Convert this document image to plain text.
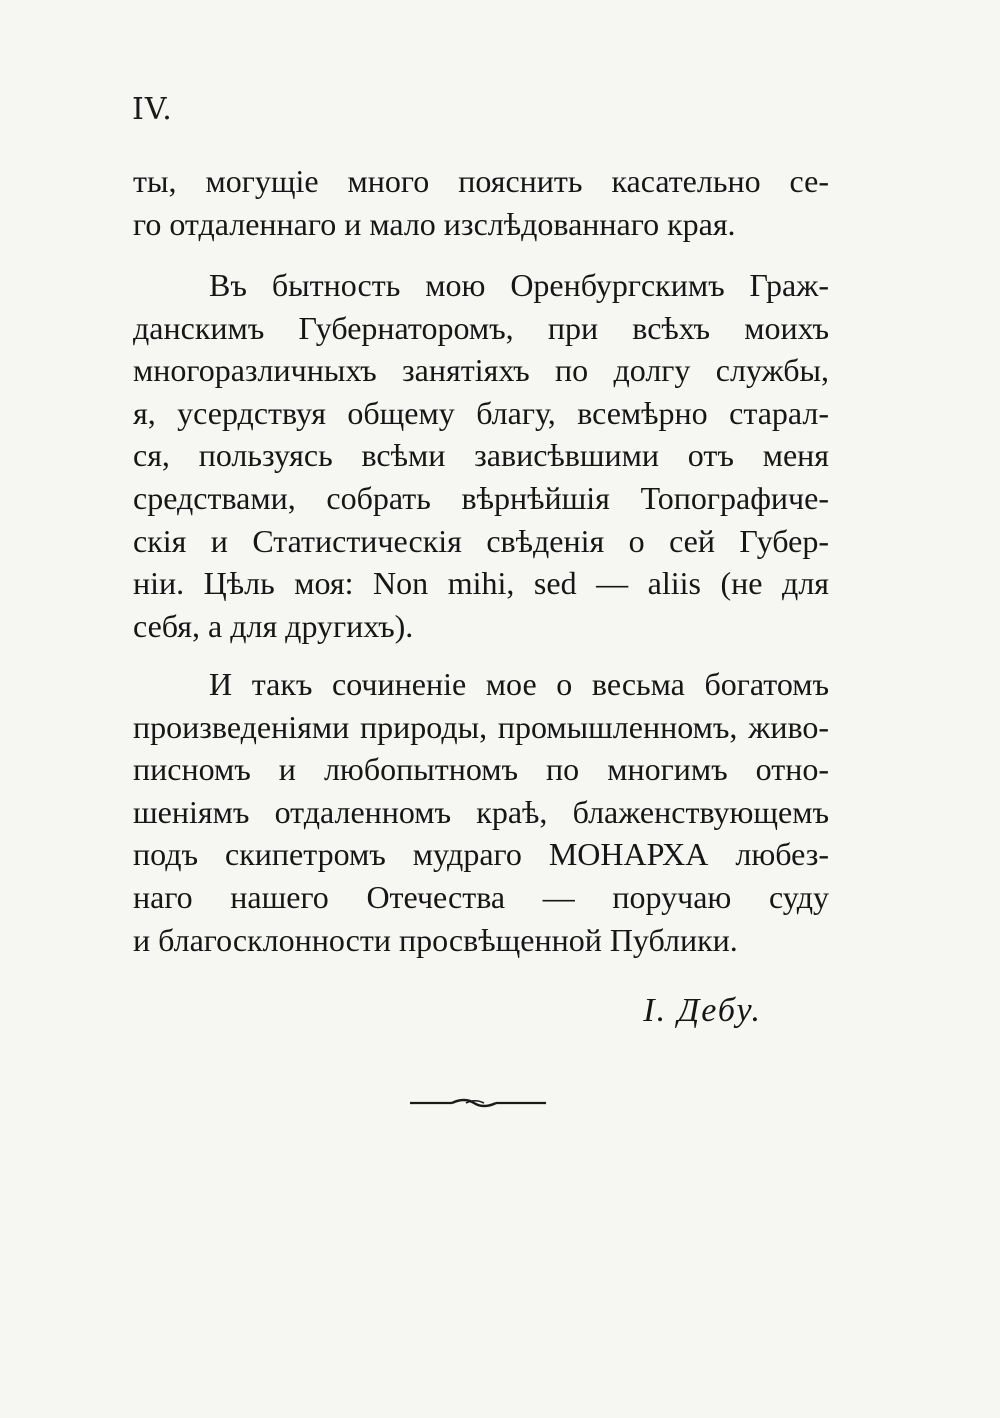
IV.
ты, могущіе много пояснить касательно се-
го отдаленнаго и мало изслѣдованнаго края.
Въ бытность мою Оренбургскимъ Граж-
данскимъ Губернаторомъ, при всѣхъ моихъ
многоразличныхъ занятіяхъ по долгу службы,
я, усердствуя общему благу, всемѣрно старал-
ся, пользуясь всѣми зависѣвшими отъ меня
средствами, собрать вѣрнѣйшія Топографиче-
скія и Статистическія свѣденія о сей Губер-
ніи. Цѣль моя: Non mihi, sed — aliis (не для
себя, а для другихъ).
И такъ сочиненіе мое о весьма богатомъ
произведеніями природы, промышленномъ, живо-
писномъ и любопытномъ по многимъ отно-
шеніямъ отдаленномъ краѣ, блаженствующемъ
подъ скипетромъ мудраго МОНАРХА любез-
наго нашего Отечества — поручаю суду
и благосклонности просвѣщенной Публики.
І. Дебу.
